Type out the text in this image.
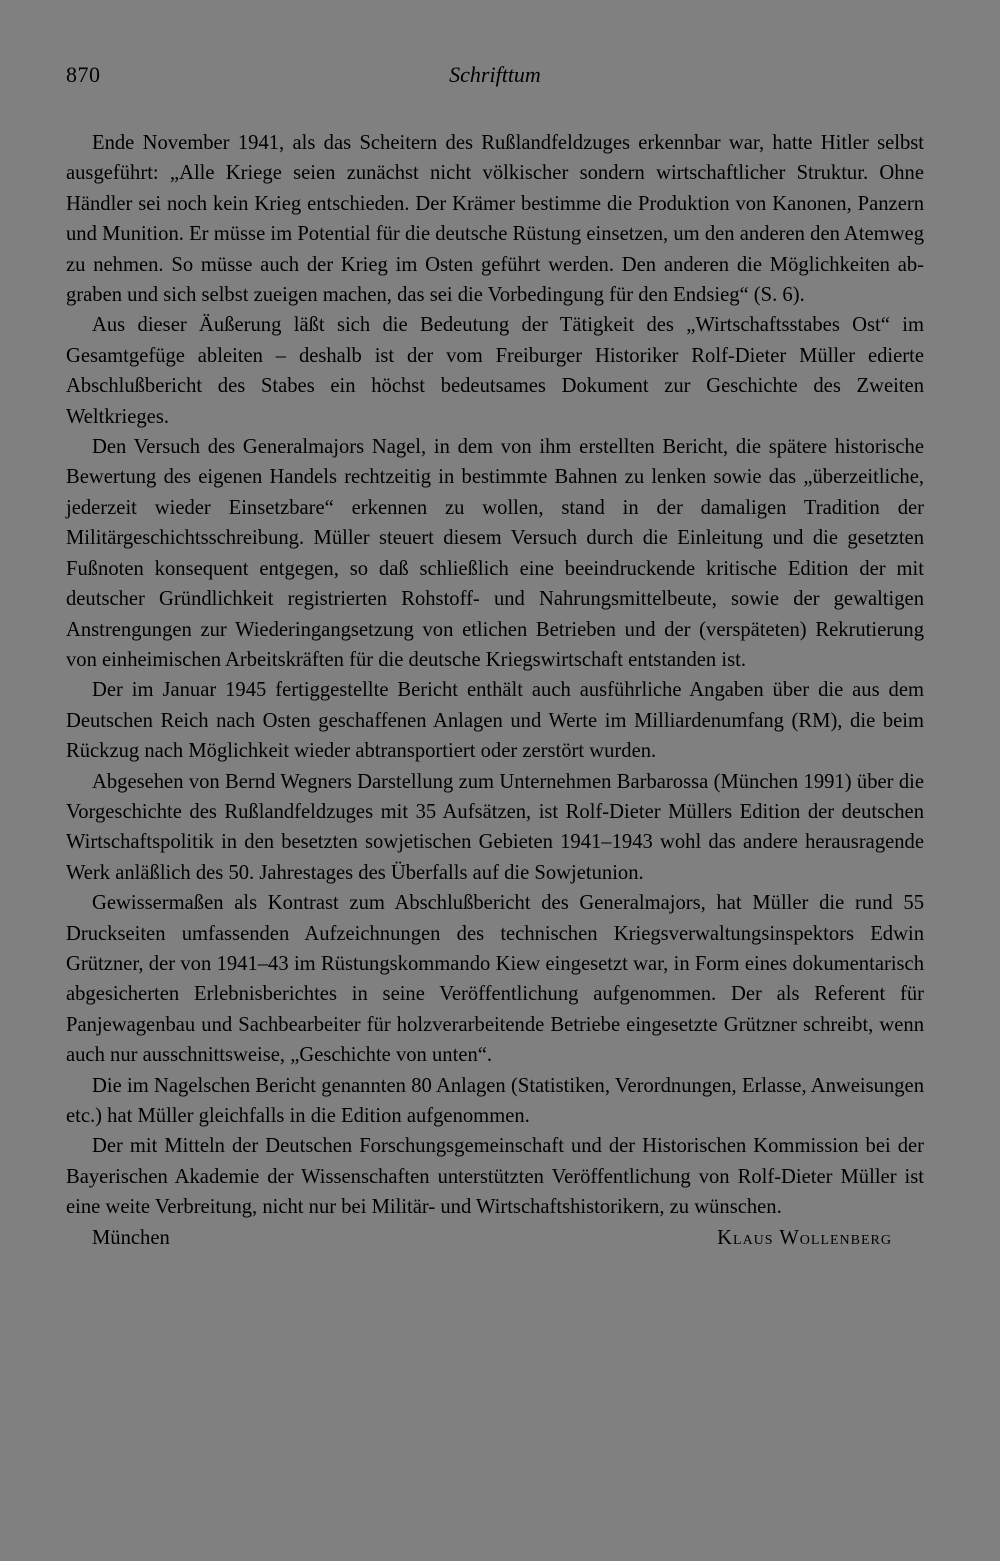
870	Schrifttum

Ende November 1941, als das Scheitern des Rußlandfeldzuges erkennbar war, hatte Hitler selbst ausgeführt: „Alle Kriege seien zunächst nicht völkischer sondern wirtschaftlicher Struktur. Ohne Händler sei noch kein Krieg entschieden. Der Krämer bestimme die Produktion von Kanonen, Panzern und Munition. Er müsse im Potential für die deutsche Rüstung einsetzen, um den anderen den Atemweg zu nehmen. So müsse auch der Krieg im Osten geführt werden. Den anderen die Möglichkeiten abgraben und sich selbst zueigen machen, das sei die Vorbedingung für den Endsieg“ (S. 6).

Aus dieser Äußerung läßt sich die Bedeutung der Tätigkeit des „Wirtschaftsstabes Ost“ im Gesamtgefüge ableiten – deshalb ist der vom Freiburger Historiker Rolf-Dieter Müller edierte Abschlußbericht des Stabes ein höchst bedeutsames Dokument zur Geschichte des Zweiten Weltkrieges.

Den Versuch des Generalmajors Nagel, in dem von ihm erstellten Bericht, die spätere historische Bewertung des eigenen Handels rechtzeitig in bestimmte Bahnen zu lenken sowie das „überzeitliche, jederzeit wieder Einsetzbare“ erkennen zu wollen, stand in der damaligen Tradition der Militärgeschichtsschreibung. Müller steuert diesem Versuch durch die Einleitung und die gesetzten Fußnoten konsequent entgegen, so daß schließlich eine beeindruckende kritische Edition der mit deutscher Gründlichkeit registrierten Rohstoff- und Nahrungsmittelbeute, sowie der gewaltigen Anstrengungen zur Wiederingangsetzung von etlichen Betrieben und der (verspäteten) Rekrutierung von einheimischen Arbeitskräften für die deutsche Kriegswirtschaft entstanden ist.

Der im Januar 1945 fertiggestellte Bericht enthält auch ausführliche Angaben über die aus dem Deutschen Reich nach Osten geschaffenen Anlagen und Werte im Milliardenumfang (RM), die beim Rückzug nach Möglichkeit wieder abtransportiert oder zerstört wurden.

Abgesehen von Bernd Wegners Darstellung zum Unternehmen Barbarossa (München 1991) über die Vorgeschichte des Rußlandfeldzuges mit 35 Aufsätzen, ist Rolf-Dieter Müllers Edition der deutschen Wirtschaftspolitik in den besetzten sowjetischen Gebieten 1941–1943 wohl das andere herausragende Werk anläßlich des 50. Jahrestages des Überfalls auf die Sowjetunion.

Gewissermaßen als Kontrast zum Abschlußbericht des Generalmajors, hat Müller die rund 55 Druckseiten umfassenden Aufzeichnungen des technischen Kriegsverwaltungsinspektors Edwin Grützner, der von 1941–43 im Rüstungskommando Kiew eingesetzt war, in Form eines dokumentarisch abgesicherten Erlebnisberichtes in seine Veröffentlichung aufgenommen. Der als Referent für Panjewagenbau und Sachbearbeiter für holzverarbeitende Betriebe eingesetzte Grützner schreibt, wenn auch nur ausschnittsweise, „Geschichte von unten“.

Die im Nagelschen Bericht genannten 80 Anlagen (Statistiken, Verordnungen, Erlasse, Anweisungen etc.) hat Müller gleichfalls in die Edition aufgenommen.

Der mit Mitteln der Deutschen Forschungsgemeinschaft und der Historischen Kommission bei der Bayerischen Akademie der Wissenschaften unterstützten Veröffentlichung von Rolf-Dieter Müller ist eine weite Verbreitung, nicht nur bei Militär- und Wirtschaftshistorikern, zu wünschen.

München	Klaus Wollenberg
